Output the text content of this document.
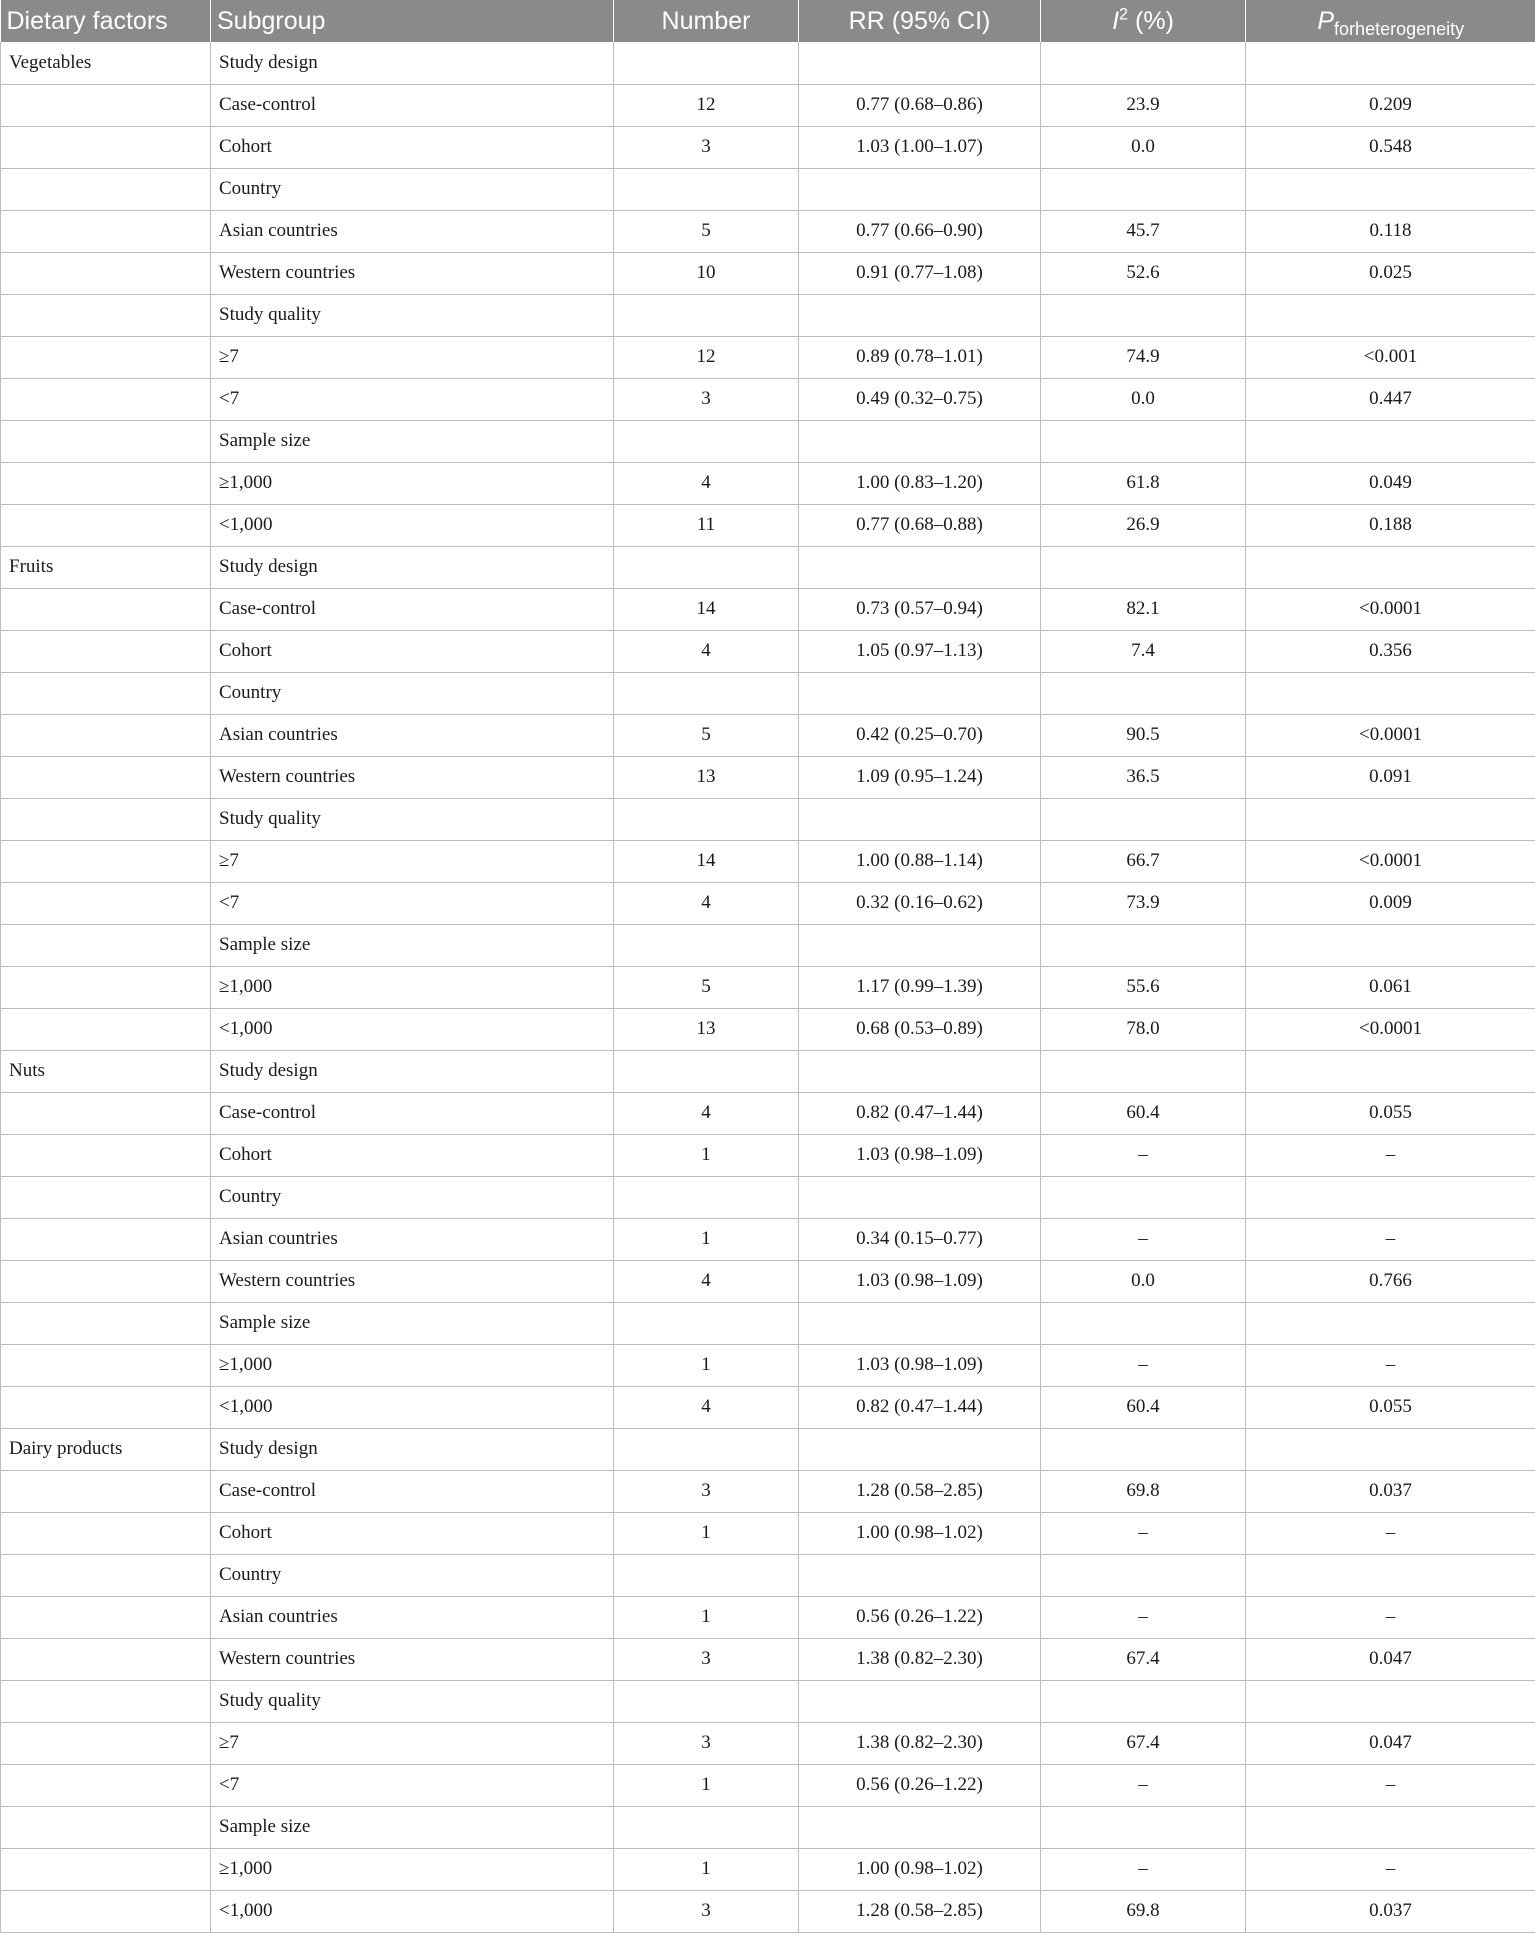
Dietary factors	Subgroup	Number	RR (95% CI)	$I^2$ (%)	$P_{forheterogeneity}$
Vegetables	Study design				
	Case-control	12	0.77 (0.68–0.86)	23.9	0.209
	Cohort	3	1.03 (1.00–1.07)	0.0	0.548
	Country				
	Asian countries	5	0.77 (0.66–0.90)	45.7	0.118
	Western countries	10	0.91 (0.77–1.08)	52.6	0.025
	Study quality				
	≥7	12	0.89 (0.78–1.01)	74.9	<0.001
	<7	3	0.49 (0.32–0.75)	0.0	0.447
	Sample size				
	≥1,000	4	1.00 (0.83–1.20)	61.8	0.049
	<1,000	11	0.77 (0.68–0.88)	26.9	0.188
Fruits	Study design				
	Case-control	14	0.73 (0.57–0.94)	82.1	<0.0001
	Cohort	4	1.05 (0.97–1.13)	7.4	0.356
	Country				
	Asian countries	5	0.42 (0.25–0.70)	90.5	<0.0001
	Western countries	13	1.09 (0.95–1.24)	36.5	0.091
	Study quality				
	≥7	14	1.00 (0.88–1.14)	66.7	<0.0001
	<7	4	0.32 (0.16–0.62)	73.9	0.009
	Sample size				
	≥1,000	5	1.17 (0.99–1.39)	55.6	0.061
	<1,000	13	0.68 (0.53–0.89)	78.0	<0.0001
Nuts	Study design				
	Case-control	4	0.82 (0.47–1.44)	60.4	0.055
	Cohort	1	1.03 (0.98–1.09)	–	–
	Country				
	Asian countries	1	0.34 (0.15–0.77)	–	–
	Western countries	4	1.03 (0.98–1.09)	0.0	0.766
	Sample size				
	≥1,000	1	1.03 (0.98–1.09)	–	–
	<1,000	4	0.82 (0.47–1.44)	60.4	0.055
Dairy products	Study design				
	Case-control	3	1.28 (0.58–2.85)	69.8	0.037
	Cohort	1	1.00 (0.98–1.02)	–	–
	Country				
	Asian countries	1	0.56 (0.26–1.22)	–	–
	Western countries	3	1.38 (0.82–2.30)	67.4	0.047
	Study quality				
	≥7	3	1.38 (0.82–2.30)	67.4	0.047
	<7	1	0.56 (0.26–1.22)	–	–
	Sample size				
	≥1,000	1	1.00 (0.98–1.02)	–	–
	<1,000	3	1.28 (0.58–2.85)	69.8	0.037
